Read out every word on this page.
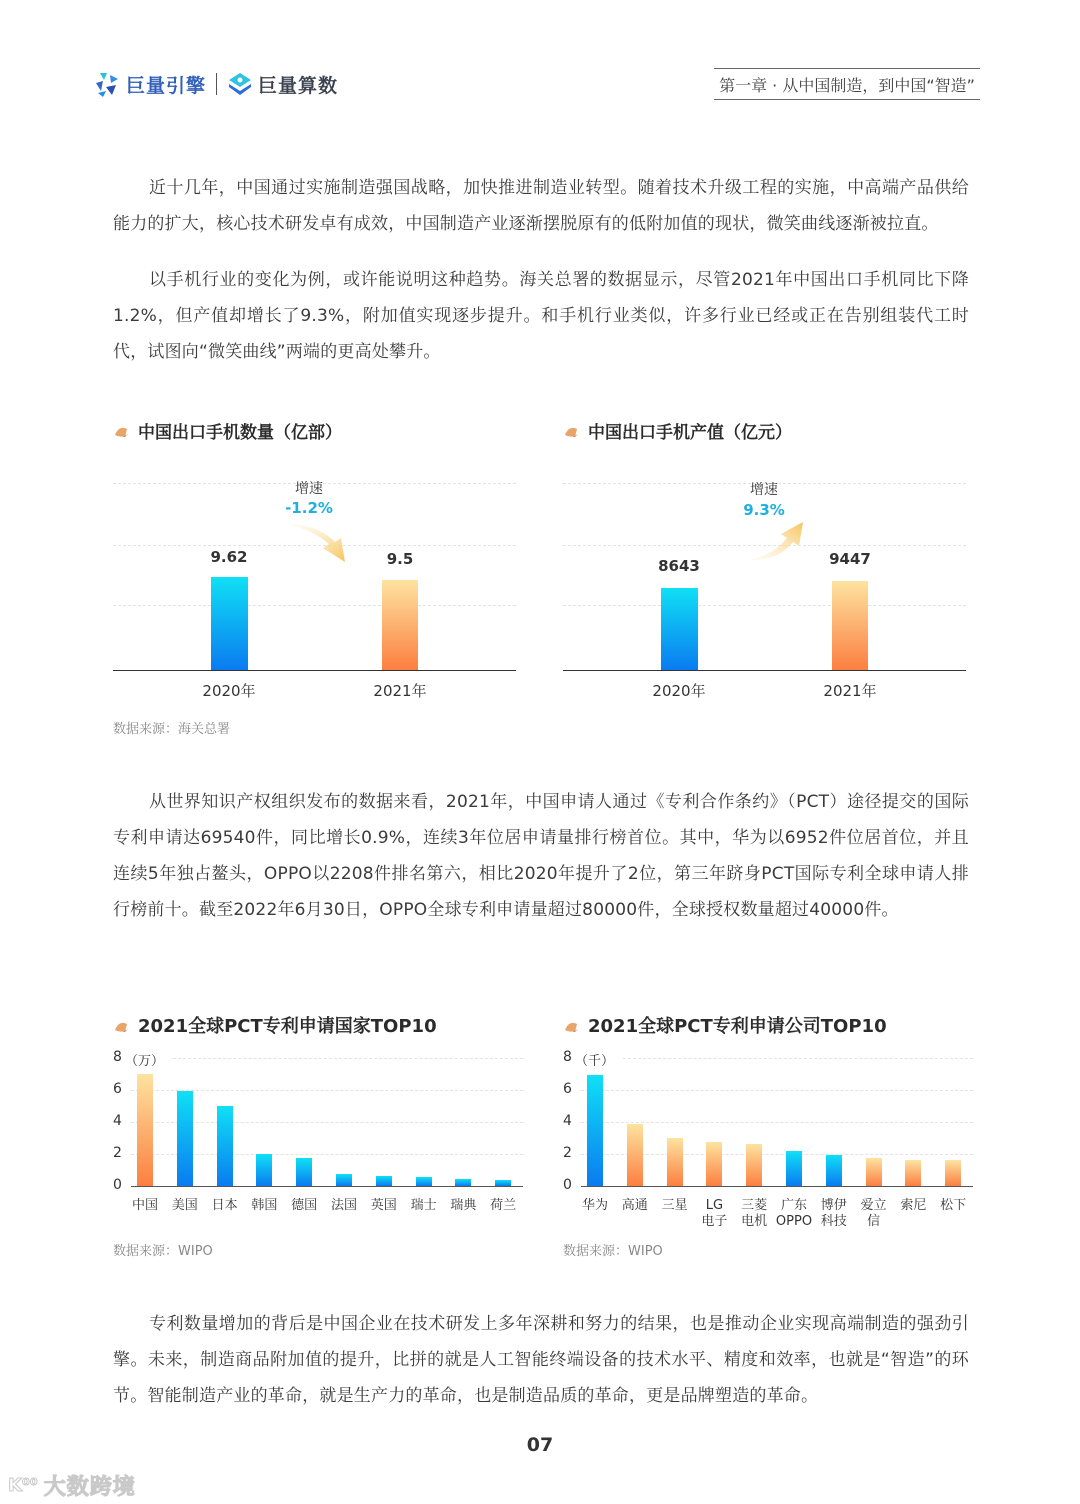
巨量引擎	巨量算数	第一章 · 从中国制造，到中国“智造”

近十几年，中国通过实施制造强国战略，加快推进制造业转型。随着技术升级工程的实施，中高端产品供给能力的扩大，核心技术研发卓有成效，中国制造产业逐渐摆脱原有的低附加值的现状，微笑曲线逐渐被拉直。

以手机行业的变化为例，或许能说明这种趋势。海关总署的数据显示，尽管2021年中国出口手机同比下降1.2%，但产值却增长了9.3%，附加值实现逐步提升。和手机行业类似，许多行业已经或正在告别组装代工时代，试图向“微笑曲线”两端的更高处攀升。

中国出口手机数量（亿部）
9.62	9.5
增速
-1.2%
2020年	2021年
数据来源：海关总署
中国出口手机产值（亿元）
8643	9447
增速
9.3%
2020年	2021年

从世界知识产权组织发布的数据来看，2021年，中国申请人通过《专利合作条约》（PCT）途径提交的国际专利申请达69540件，同比增长0.9%，连续3年位居申请量排行榜首位。其中，华为以6952件位居首位，并且连续5年独占鳌头，OPPO以2208件排名第六，相比2020年提升了2位，第三年跻身PCT国际专利全球申请人排行榜前十。截至2022年6月30日，OPPO全球专利申请量超过80000件，全球授权数量超过40000件。

2021全球PCT专利申请国家TOP10
8 （万）
6
4
2
0
中国	美国	日本	韩国	德国	法国	英国	瑞士	瑞典	荷兰
数据来源：WIPO
2021全球PCT专利申请公司TOP10
8 （千）
6
4
2
0
华为	高通	三星	LG
电子
三菱
电机
广东
OPPO
博伊
科技
爱立
信
索尼	松下
数据来源：WIPO

专利数量增加的背后是中国企业在技术研发上多年深耕和努力的结果，也是推动企业实现高端制造的强劲引擎。未来，制造商品附加值的提升，比拼的就是人工智能终端设备的技术水平、精度和效率，也就是“智造”的环节。智能制造产业的革命，就是生产力的革命，也是制造品质的革命，更是品牌塑造的革命。

07
K⁰⁰ 大数跨境
